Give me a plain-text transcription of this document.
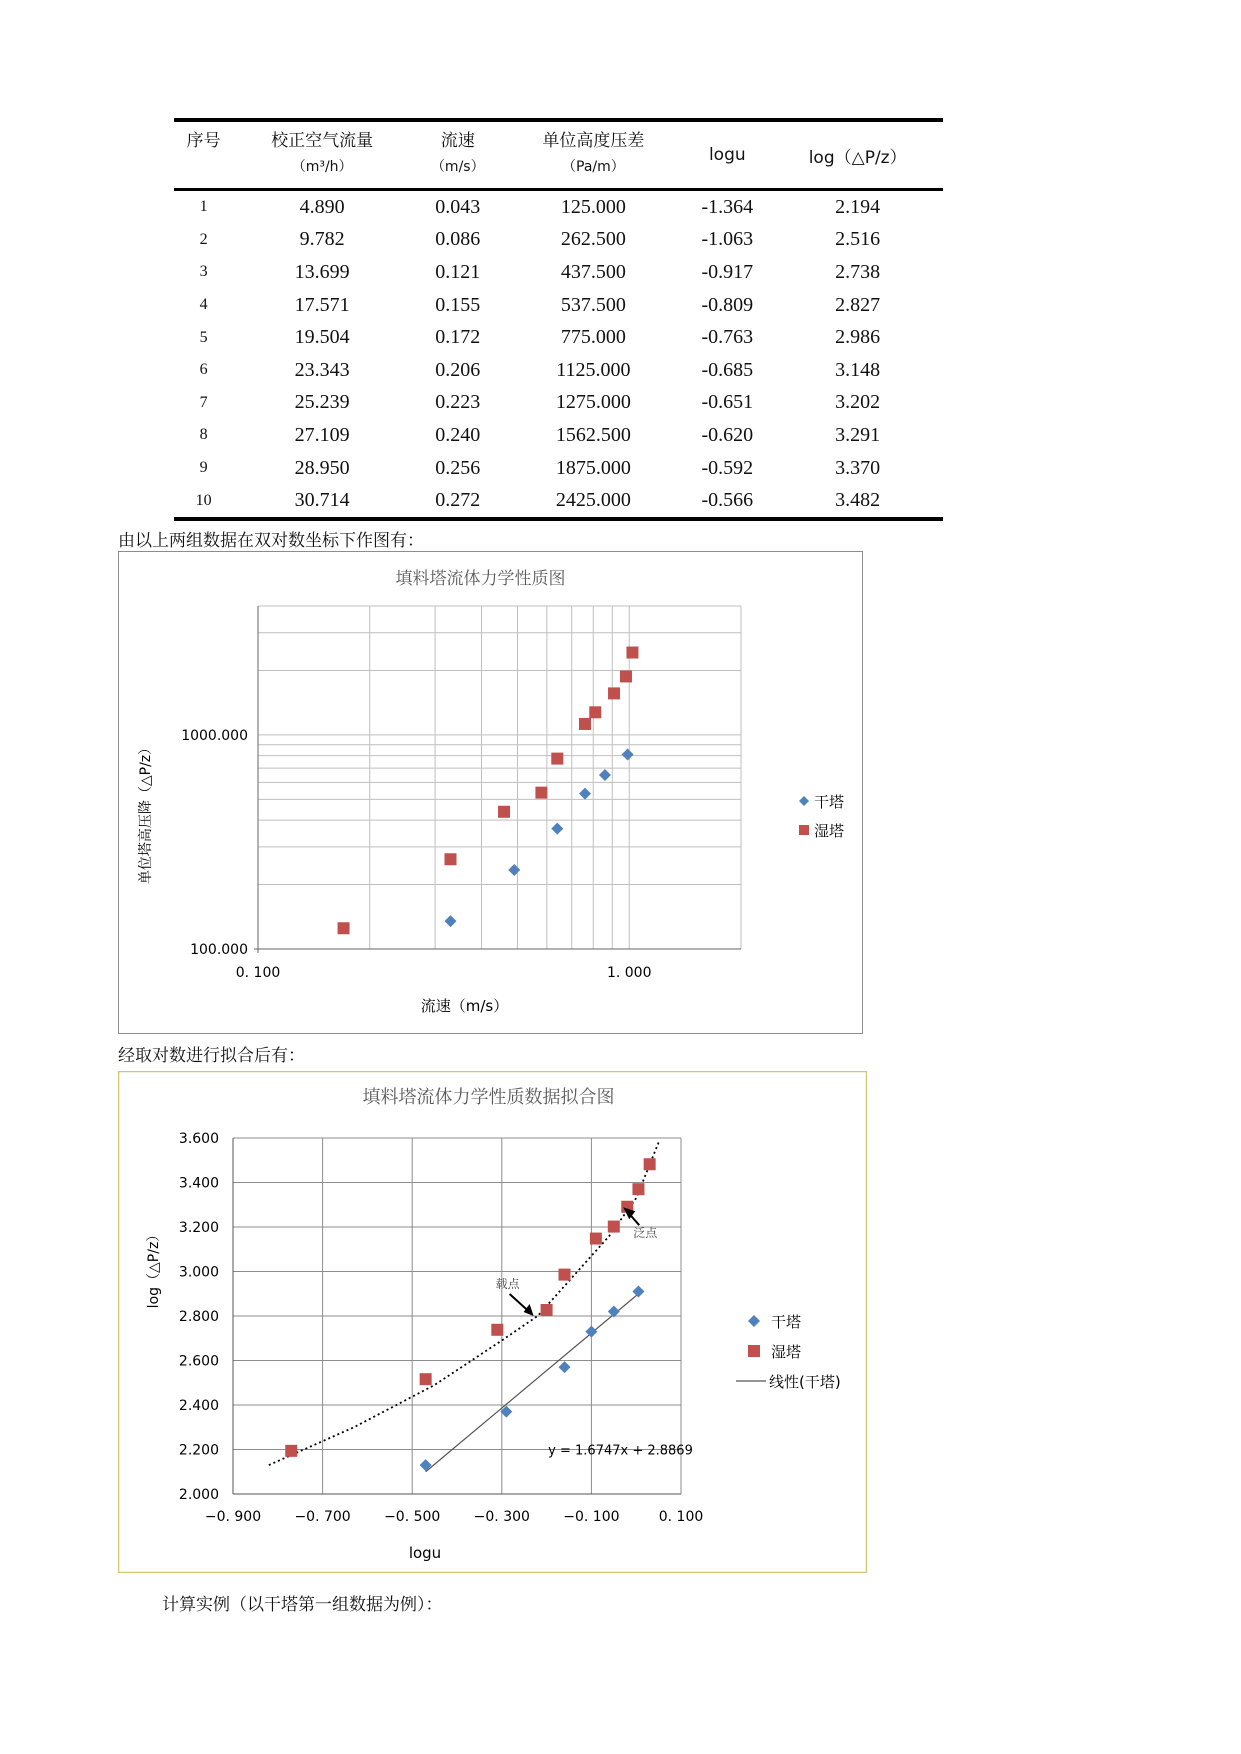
序号	校正空气流量	流速	单位高度压差	logu	log（△P/z）
	（m³/h）	（m/s）	（Pa/m）		
1	4.890	0.043	125.000	-1.364	2.194
2	9.782	0.086	262.500	-1.063	2.516
3	13.699	0.121	437.500	-0.917	2.738
4	17.571	0.155	537.500	-0.809	2.827
5	19.504	0.172	775.000	-0.763	2.986
6	23.343	0.206	1125.000	-0.685	3.148
7	25.239	0.223	1275.000	-0.651	3.202
8	27.109	0.240	1562.500	-0.620	3.291
9	28.950	0.256	1875.000	-0.592	3.370
10	30.714	0.272	2425.000	-0.566	3.482
由以上两组数据在双对数坐标下作图有：
填料塔流体力学性质图
0. 100	1. 000
100.000
1000.000
流速（m/s）
单位塔高压降（△P/z）	干塔
湿塔
经取对数进行拟合后有：
填料塔流体力学性质数据拟合图
−0. 900 −0. 700 −0. 500 −0. 300 −0. 100	0. 100
2.000
2.200
2.400
2.600
2.800
3.000
3.200
3.400
3.600
logu
log（△P/z）
y = 1.6747x + 2.8869
载点
泛点
干塔
湿塔
线性(干塔)
计算实例（以干塔第一组数据为例）：
